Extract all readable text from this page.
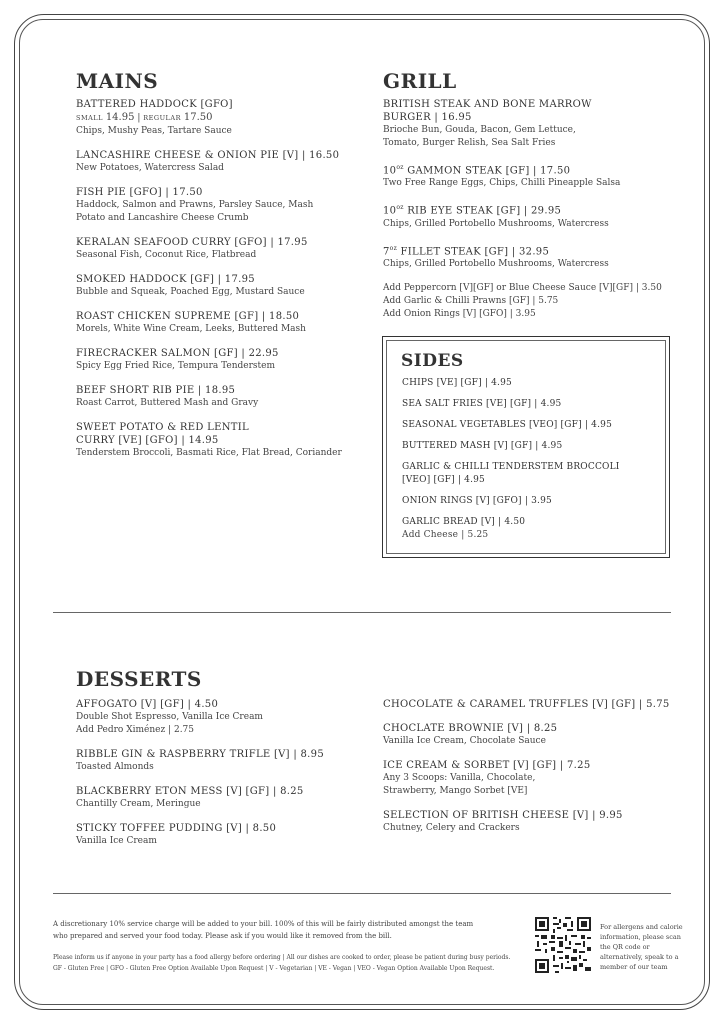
MAINS
BATTERED HADDOCK [GFO]
SMALL 14.95 | REGULAR 17.50
Chips, Mushy Peas, Tartare Sauce
LANCASHIRE CHEESE & ONION PIE [V] | 16.50
New Potatoes, Watercress Salad
FISH PIE [GFO] | 17.50
Haddock, Salmon and Prawns, Parsley Sauce, Mash Potato and Lancashire Cheese Crumb
KERALAN SEAFOOD CURRY [GFO] | 17.95
Seasonal Fish, Coconut Rice, Flatbread
SMOKED HADDOCK [GF] | 17.95
Bubble and Squeak, Poached Egg, Mustard Sauce
ROAST CHICKEN SUPREME [GF] | 18.50
Morels, White Wine Cream, Leeks, Buttered Mash
FIRECRACKER SALMON [GF] | 22.95
Spicy Egg Fried Rice, Tempura Tenderstem
BEEF SHORT RIB PIE | 18.95
Roast Carrot, Buttered Mash and Gravy
SWEET POTATO & RED LENTIL CURRY [VE] [GFO] | 14.95
Tenderstem Broccoli, Basmati Rice, Flat Bread, Coriander
GRILL
BRITISH STEAK AND BONE MARROW BURGER | 16.95
Brioche Bun, Gouda, Bacon, Gem Lettuce, Tomato, Burger Relish, Sea Salt Fries
$10^{oz}$ GAMMON STEAK [GF] | 17.50
Two Free Range Eggs, Chips, Chilli Pineapple Salsa
$10^{oz}$ RIB EYE STEAK [GF] | 29.95
Chips, Grilled Portobello Mushrooms, Watercress
$7^{oz}$ FILLET STEAK [GF] | 32.95
Chips, Grilled Portobello Mushrooms, Watercress
Add Peppercorn [V][GF] or Blue Cheese Sauce [V][GF] | 3.50
Add Garlic & Chilli Prawns [GF] | 5.75
Add Onion Rings [V] [GFO] | 3.95
SIDES
CHIPS [VE] [GF] | 4.95
SEA SALT FRIES [VE] [GF] | 4.95
SEASONAL VEGETABLES [VEO] [GF] | 4.95
BUTTERED MASH [V] [GF] | 4.95
GARLIC & CHILLI TENDERSTEM BROCCOLI [VEO] [GF] | 4.95
ONION RINGS [V] [GFO] | 3.95
GARLIC BREAD [V] | 4.50
Add Cheese | 5.25
DESSERTS
AFFOGATO [V] [GF] | 4.50
Double Shot Espresso, Vanilla Ice Cream
Add Pedro Ximénez | 2.75
RIBBLE GIN & RASPBERRY TRIFLE [V] | 8.95
Toasted Almonds
BLACKBERRY ETON MESS [V] [GF] | 8.25
Chantilly Cream, Meringue
STICKY TOFFEE PUDDING [V] | 8.50
Vanilla Ice Cream
CHOCOLATE & CARAMEL TRUFFLES [V] [GF] | 5.75
CHOCLATE BROWNIE [V] | 8.25
Vanilla Ice Cream, Chocolate Sauce
ICE CREAM & SORBET [V] [GF] | 7.25
Any 3 Scoops: Vanilla, Chocolate, Strawberry, Mango Sorbet [VE]
SELECTION OF BRITISH CHEESE [V] | 9.95
Chutney, Celery and Crackers
A discretionary 10% service charge will be added to your bill. 100% of this will be fairly distributed amongst the team
who prepared and served your food today. Please ask if you would like it removed from the bill.
Please inform us if anyone in your party has a food allergy before ordering | All our dishes are cooked to order, please be patient during busy periods.
GF - Gluten Free | GFO - Gluten Free Option Available Upon Request | V - Vegetarian | VE - Vegan | VEO - Vegan Option Available Upon Request.
For allergens and calorie information, please scan the QR code or alternatively, speak to a member of our team
